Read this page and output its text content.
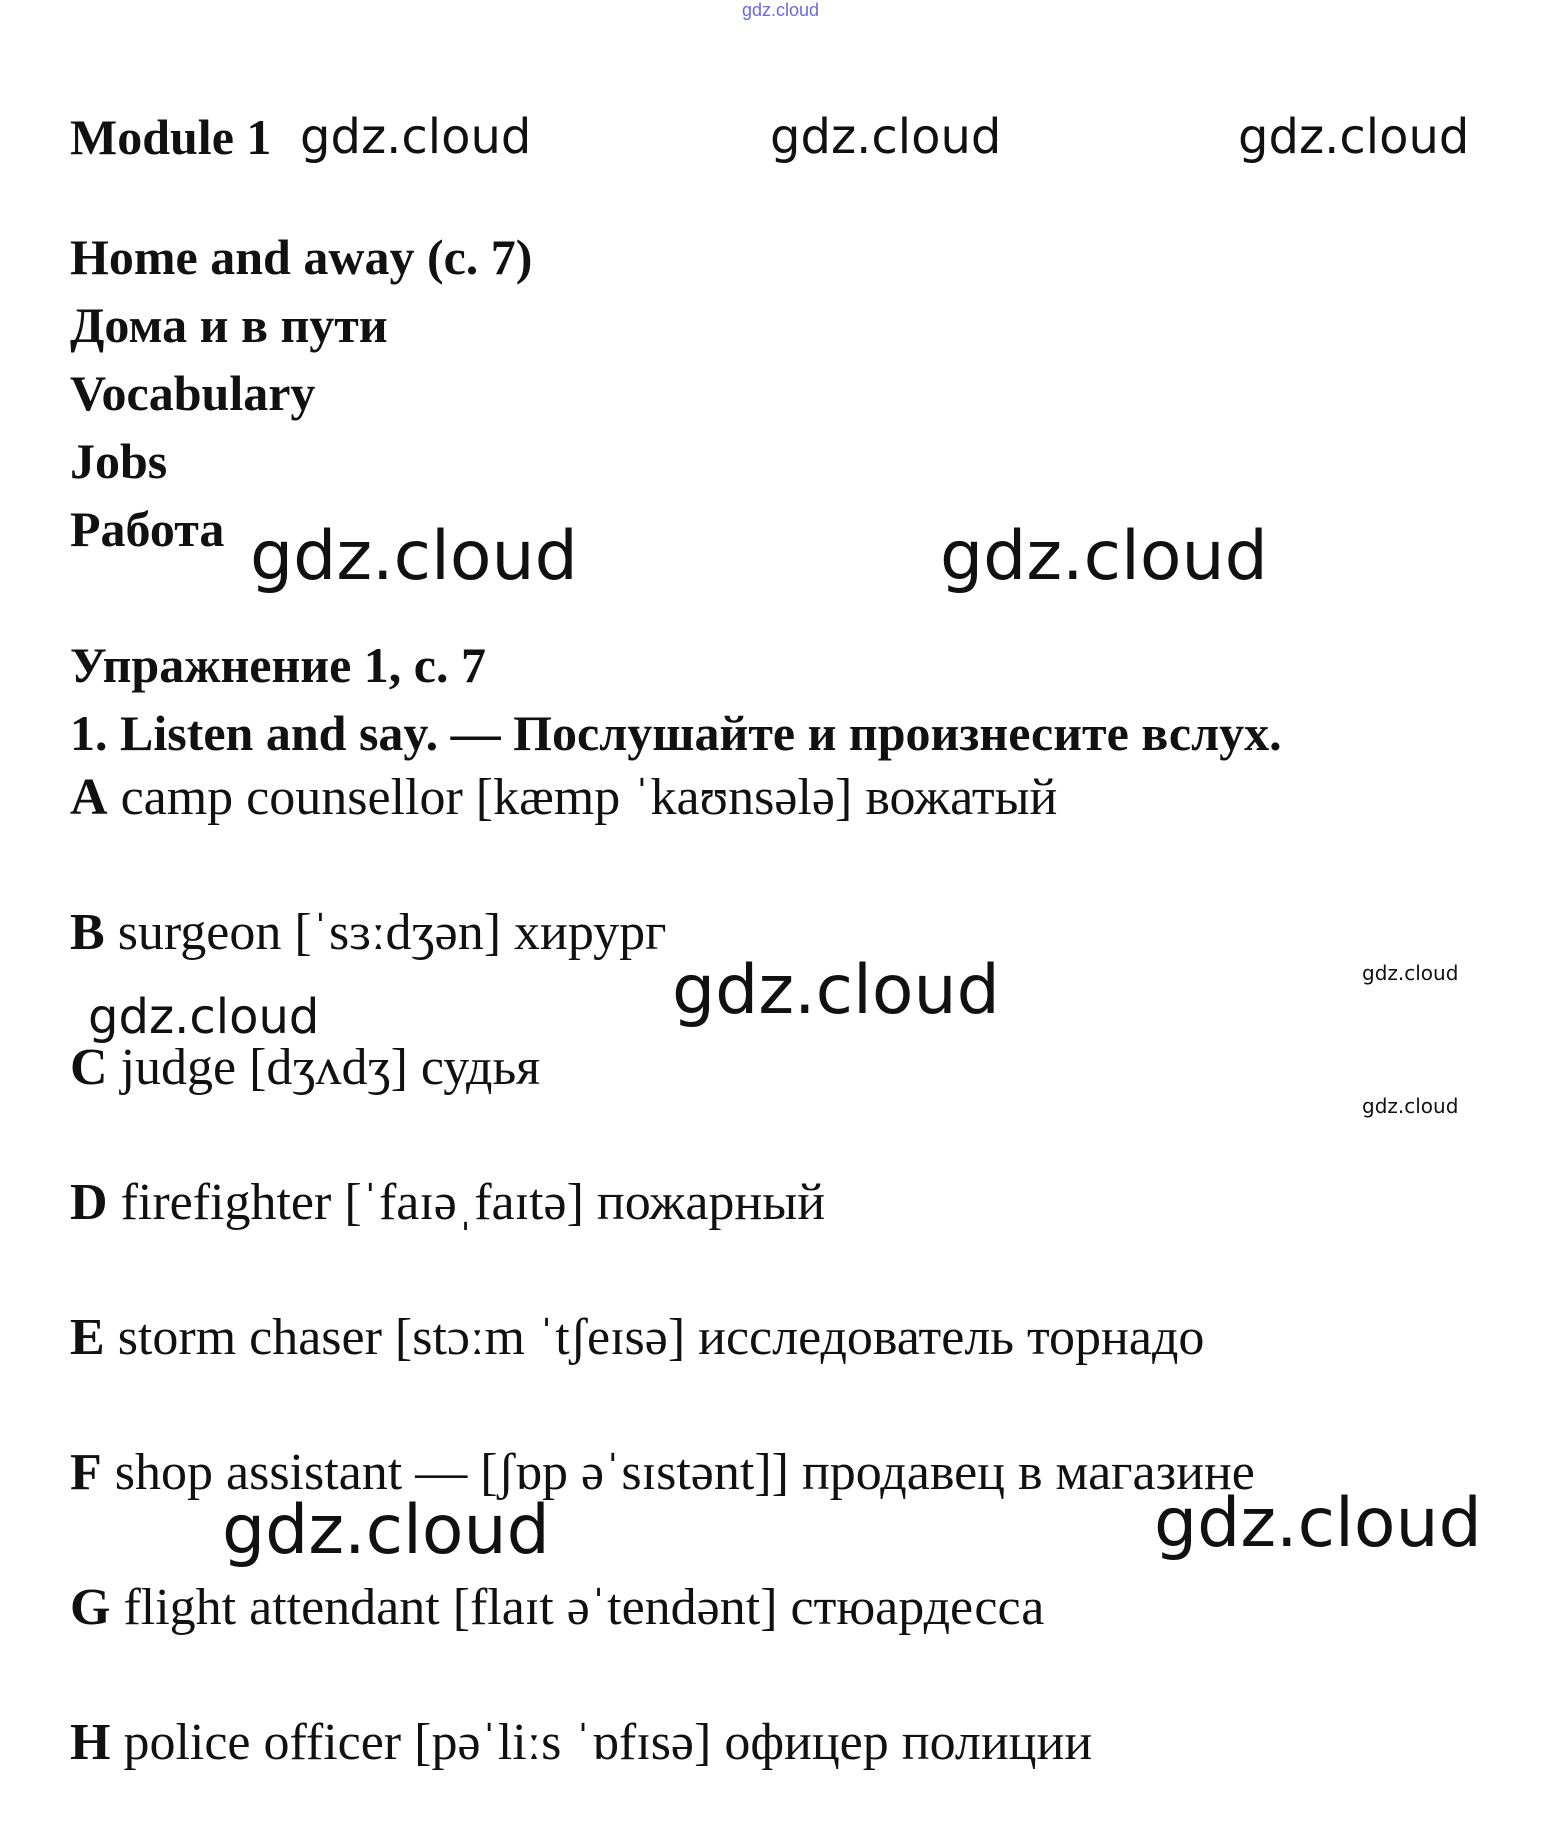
gdz.cloud
Module 1
Home and away (с. 7)
Дома и в пути
Vocabulary
Jobs
Работа
Упражнение 1, с. 7
1. Listen and say. — Послушайте и произнесите вслух.
A camp counsellor [kæmp ˈkaʊnsələ] вожатый
B surgeon [ˈsɜːdʒən] хирург
C judge [dʒʌdʒ] судья
D firefighter [ˈfaɪəˌfaɪtə] пожарный
E storm chaser [stɔːm ˈtʃeɪsə] исследователь торнадо
F shop assistant — [ʃɒp əˈsɪstənt]] продавец в магазине
G flight attendant [flaɪt əˈtendənt] стюардесса
H police officer [pəˈliːs ˈɒfɪsə] офицер полиции
gdz.cloud	gdz.cloud	gdz.cloud
gdz.cloud	gdz.cloud
gdz.cloud	gdz.cloud
gdz.cloud
gdz.cloud
gdz.cloud	gdz.cloud
